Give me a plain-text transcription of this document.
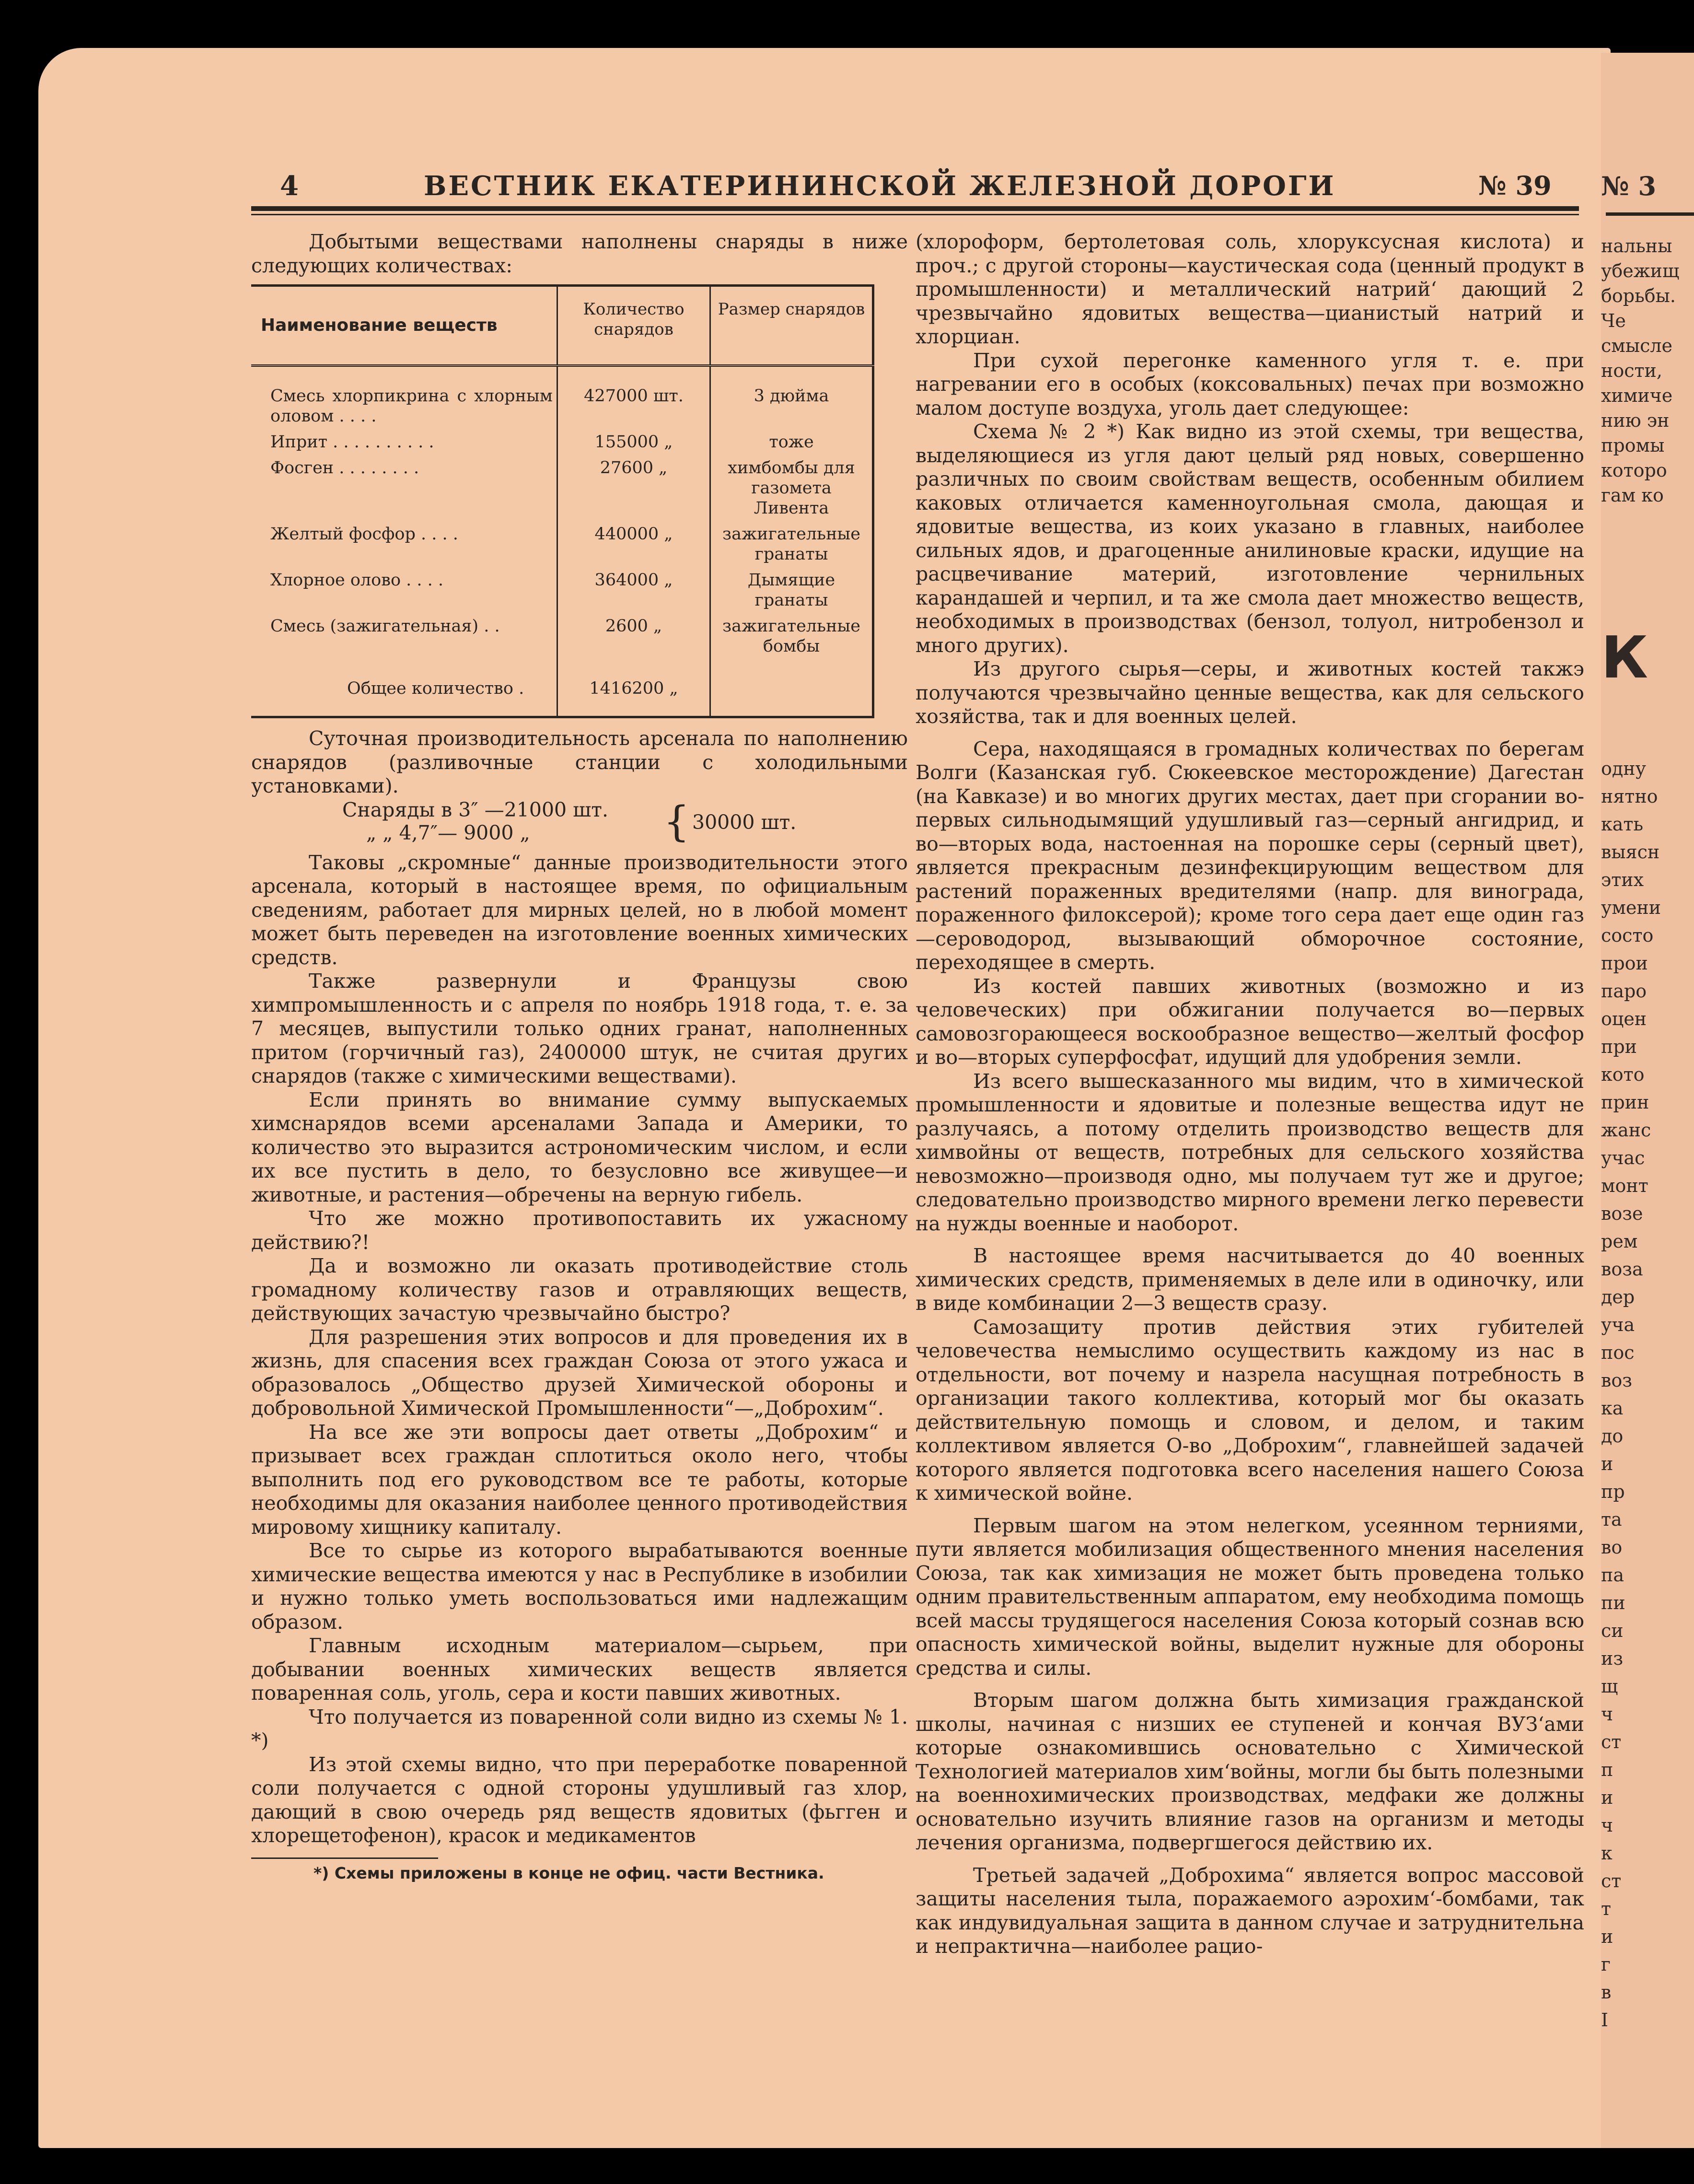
№ 3
нальны
убежищ
борьбы.
Че
смысле
ности,
химиче
нию эн
промы
которо
гам ко
К
одну
нятно
кать
выясн
этих
умени
состо
прои
паро
оцен
при
кото
прин
жанс
учас
монт
возе
рем
воза
дер
уча
пос
воз
ка
до
и
пр
та
во
па
пи
си
из
щ
ч
ст
п
и
ч
к
ст
т
и
г
в
І
4	ВЕСТНИК ЕКАТЕРИНИНСКОЙ ЖЕЛЕЗНОЙ ДОРОГИ	№ 39

Добытыми веществами наполнены снаряды в ниже следующих количествах:

Наименование веществ	Количество снарядов	Размер снарядов
Смесь хлорпикрина с хлорным оловом . . . .	427000 шт.	3 дюйма
Иприт . . . . . . . . . .	155000 „	тоже
Фосген . . . . . . . .	27600 „	химбомбы для газомета Ливента
Желтый фосфор . . . .	440000 „	зажигательные гранаты
Хлорное олово . . . .	364000 „	Дымящие гранаты
Смесь (зажигательная) . .	2600 „	зажигательные бомбы
Общее количество .	1416200 „	

Суточная производительность арсенала по наполнению снарядов (разливочные станции с холодильными установками).

Снаряды в 3″ —21000 шт.
„ „ 4,7″— 9000 „	{ 30000 шт.

Таковы „скромные“ данные производительности этого арсенала, который в настоящее время, по официальным сведениям, работает для мирных целей, но в любой момент может быть переведен на изготовление военных химических средств.

Также развернули и Французы свою химпромышленность и с апреля по ноябрь 1918 года, т. е. за 7 месяцев, выпустили только одних гранат, наполненных притом (горчичный газ), 2400000 штук, не считая других снарядов (также с химическими веществами).

Если принять во внимание сумму выпускаемых химснарядов всеми арсеналами Запада и Америки, то количество это выразится астрономическим числом, и если их все пустить в дело, то безусловно все живущее—и животные, и растения—обречены на верную гибель.

Что же можно противопоставить их ужасному действию?!

Да и возможно ли оказать противодействие столь громадному количеству газов и отравляющих веществ, действующих зачастую чрезвычайно быстро?

Для разрешения этих вопросов и для проведения их в жизнь, для спасения всех граждан Союза от этого ужаса и образовалось „Общество друзей Химической обороны и добровольной Химической Промышленности“—„Доброхим“.

На все же эти вопросы дает ответы „Доброхим“ и призывает всех граждан сплотиться около него, чтобы выполнить под его руководством все те работы, которые необходимы для оказания наиболее ценного противодействия мировому хищнику капиталу.

Все то сырье из которого вырабатываются военные химические вещества имеются у нас в Республике в изобилии и нужно только уметь воспользоваться ими надлежащим образом.

Главным исходным материалом—сырьем, при добывании военных химических веществ является поваренная соль, уголь, сера и кости павших животных.

Что получается из поваренной соли видно из схемы № 1. *)

Из этой схемы видно, что при переработке поваренной соли получается с одной стороны удушливый газ хлор, дающий в свою очередь ряд веществ ядовитых (фьгген и хлорещетофенон), красок и медикаментов

*) Схемы приложены в конце не офиц. части Вестника.

(хлороформ, бертолетовая соль, хлоруксусная кислота) и проч.; с другой стороны—каустическая сода (ценный продукт в промышленности) и металлический натрий‘ дающий 2 чрезвычайно ядовитых вещества—цианистый натрий и хлорциан.

При сухой перегонке каменного угля т. е. при нагревании его в особых (коксовальных) печах при возможно малом доступе воздуха, уголь дает следующее:

Схема № 2 *) Как видно из этой схемы, три вещества, выделяющиеся из угля дают целый ряд новых, совершенно различных по своим свойствам веществ, особенным обилием каковых отличается каменноугольная смола, дающая и ядовитые вещества, из коих указано в главных, наиболее сильных ядов, и драгоценные анилиновые краски, идущие на расцвечивание материй, изготовление чернильных карандашей и черпил, и та же смола дает множество веществ, необходимых в производствах (бензол, толуол, нитробензол и много других).

Из другого сырья—серы, и животных костей такжэ получаются чрезвычайно ценные вещества, как для сельского хозяйства, так и для военных целей.

Сера, находящаяся в громадных количествах по берегам Волги (Казанская губ. Сюкеевское месторождение) Дагестан (на Кавказе) и во многих других местах, дает при сгорании во-первых сильнодымящий удушливый газ—серный ангидрид, и во—вторых вода, настоенная на порошке серы (серный цвет), является прекрасным дезинфекцирующим веществом для растений пораженных вредителями (напр. для винограда, пораженного филоксерой); кроме того сера дает еще один газ—сероводород, вызывающий обморочное состояние, переходящее в смерть.

Из костей павших животных (возможно и из человеческих) при обжигании получается во—первых самовозгорающееся воскообразное вещество—желтый фосфор и во—вторых суперфосфат, идущий для удобрения земли.

Из всего вышесказанного мы видим, что в химической промышленности и ядовитые и полезные вещества идут не разлучаясь, а потому отделить производство веществ для химвойны от веществ, потребных для сельского хозяйства невозможно—производя одно, мы получаем тут же и другое; следовательно производство мирного времени легко перевести на нужды военные и наоборот.

В настоящее время насчитывается до 40 военных химических средств, применяемых в деле или в одиночку, или в виде комбинации 2—3 веществ сразу.

Самозащиту против действия этих губителей человечества немыслимо осуществить каждому из нас в отдельности, вот почему и назрела насущная потребность в организации такого коллектива, который мог бы оказать действительную помощь и словом, и делом, и таким коллективом является О-во „Доброхим“, главнейшей задачей которого является подготовка всего населения нашего Союза к химической войне.

Первым шагом на этом нелегком, усеянном терниями, пути является мобилизация общественного мнения населения Союза, так как химизация не может быть проведена только одним правительственным аппаратом, ему необходима помощь всей массы трудящегося населения Союза который сознав всю опасность химической войны, выделит нужные для обороны средства и силы.

Вторым шагом должна быть химизация гражданской школы, начиная с низших ее ступеней и кончая ВУЗ‘ами которые ознакомившись основательно с Химической Технологией материалов хим‘войны, могли бы быть полезными на военнохимических производствах, медфаки же должны основательно изучить влияние газов на организм и методы лечения организма, подвергшегося действию их.

Третьей задачей „Доброхима“ является вопрос массовой защиты населения тыла, поражаемого аэрохим‘-бомбами, так как индувидуальная защита в данном случае и затруднительна и непрактична—наиболее рацио-
